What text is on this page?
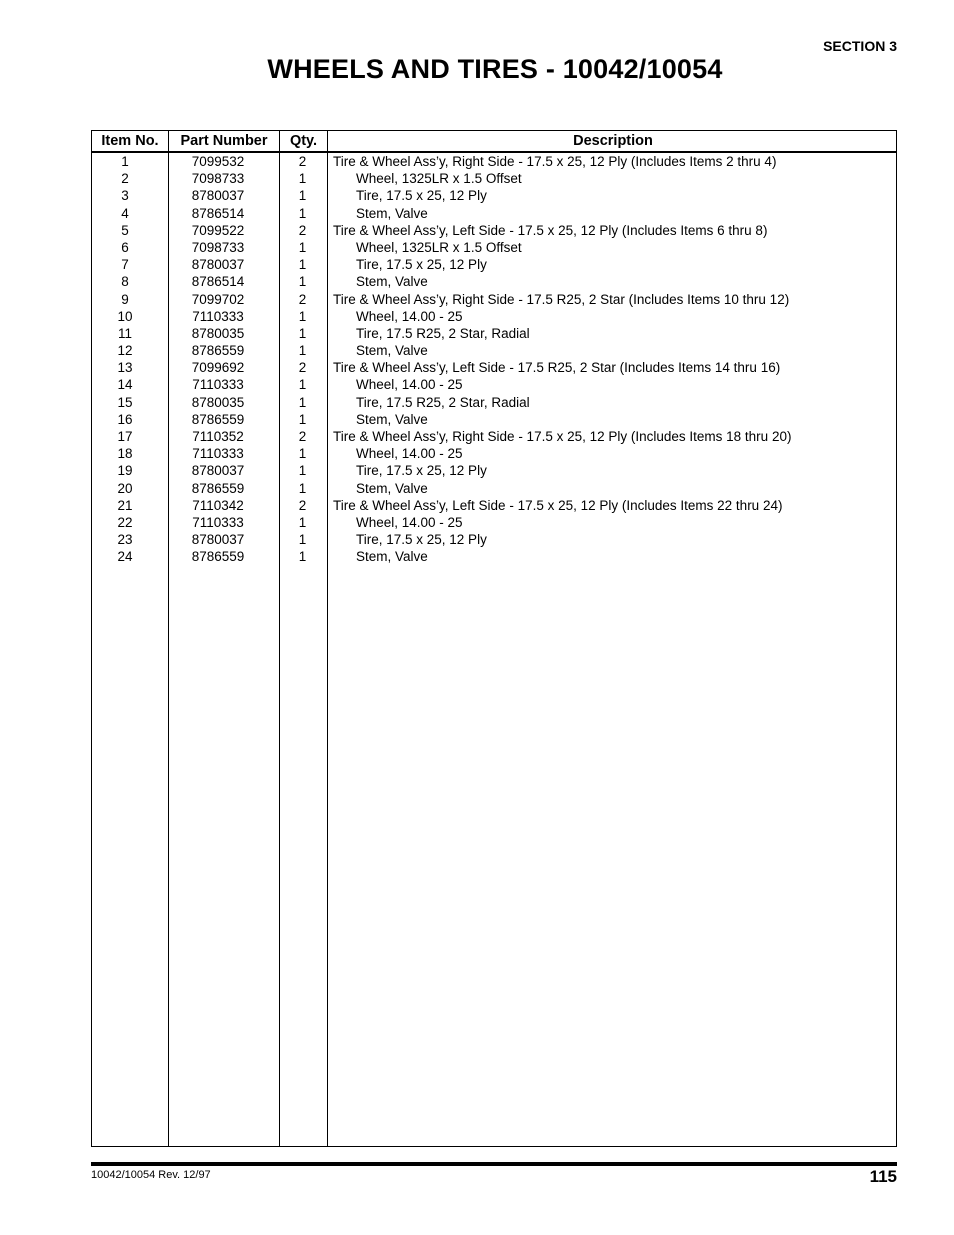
SECTION 3
WHEELS AND TIRES - 10042/10054
Item No.	Part Number	Qty.	Description
1	7099532	2	Tire & Wheel Ass’y, Right Side - 17.5 x 25, 12 Ply (Includes Items 2 thru 4)
2	7098733	1	Wheel, 1325LR x 1.5 Offset
3	8780037	1	Tire, 17.5 x 25, 12 Ply
4	8786514	1	Stem, Valve
5	7099522	2	Tire & Wheel Ass’y, Left Side - 17.5 x 25, 12 Ply (Includes Items 6 thru 8)
6	7098733	1	Wheel, 1325LR x 1.5 Offset
7	8780037	1	Tire, 17.5 x 25, 12 Ply
8	8786514	1	Stem, Valve
9	7099702	2	Tire & Wheel Ass’y, Right Side - 17.5 R25, 2 Star (Includes Items 10 thru 12)
10	7110333	1	Wheel, 14.00 - 25
11	8780035	1	Tire, 17.5 R25, 2 Star, Radial
12	8786559	1	Stem, Valve
13	7099692	2	Tire & Wheel Ass’y, Left Side - 17.5 R25, 2 Star (Includes Items 14 thru 16)
14	7110333	1	Wheel, 14.00 - 25
15	8780035	1	Tire, 17.5 R25, 2 Star, Radial
16	8786559	1	Stem, Valve
17	7110352	2	Tire & Wheel Ass’y, Right Side - 17.5 x 25, 12 Ply (Includes Items 18 thru 20)
18	7110333	1	Wheel, 14.00 - 25
19	8780037	1	Tire, 17.5 x 25, 12 Ply
20	8786559	1	Stem, Valve
21	7110342	2	Tire & Wheel Ass’y, Left Side - 17.5 x 25, 12 Ply (Includes Items 22 thru 24)
22	7110333	1	Wheel, 14.00 - 25
23	8780037	1	Tire, 17.5 x 25, 12 Ply
24	8786559	1	Stem, Valve
10042/10054 Rev. 12/97	115
